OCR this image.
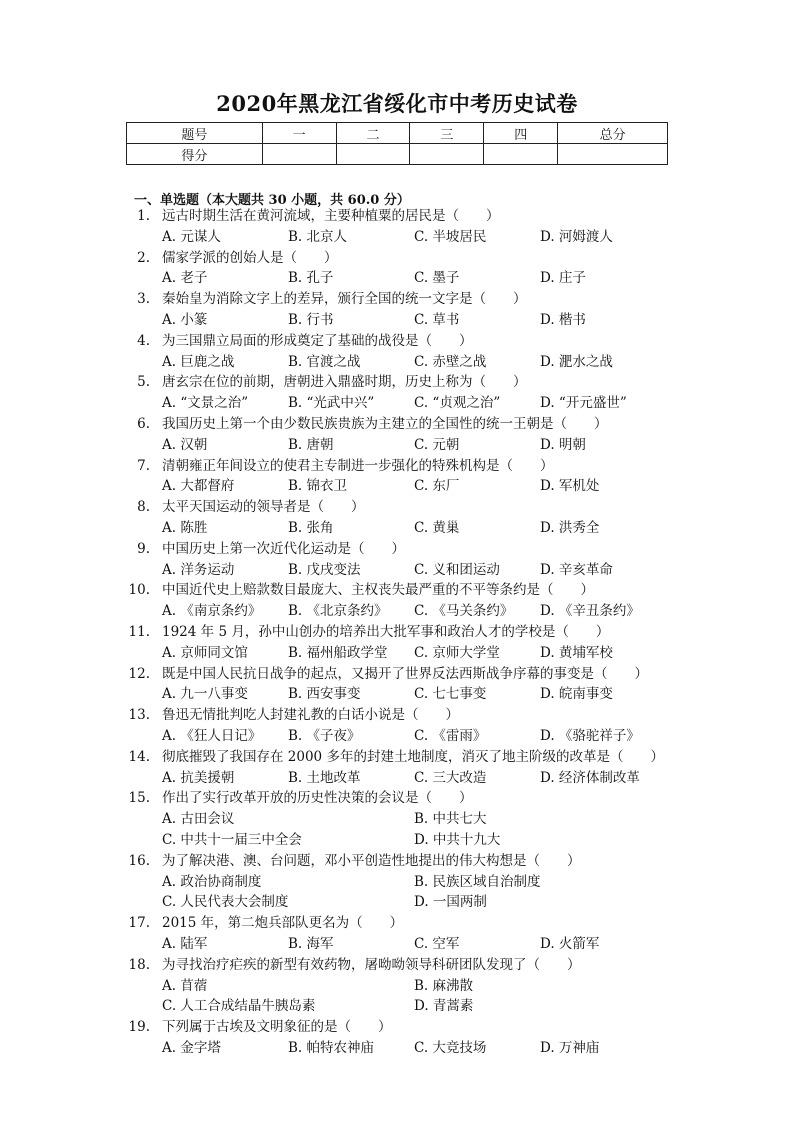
2020年黑龙江省绥化市中考历史试卷
题号	一	二	三	四	总分
得分					
一、单选题（本大题共 30 小题，共 60.0 分）
1. 远古时期生活在黄河流域，主要种植粟的居民是（　　）
A. 元谋人	B. 北京人	C. 半坡居民	D. 河姆渡人
2. 儒家学派的创始人是（　　）
A. 老子	B. 孔子	C. 墨子	D. 庄子
3. 秦始皇为消除文字上的差异，颁行全国的统一文字是（　　）
A. 小篆	B. 行书	C. 草书	D. 楷书
4. 为三国鼎立局面的形成奠定了基础的战役是（　　）
A. 巨鹿之战	B. 官渡之战	C. 赤壁之战	D. 淝水之战
5. 唐玄宗在位的前期，唐朝进入鼎盛时期，历史上称为（　　）
A. “文景之治”	B. “光武中兴”	C. “贞观之治”	D. “开元盛世”
6. 我国历史上第一个由少数民族贵族为主建立的全国性的统一王朝是（　　）
A. 汉朝	B. 唐朝	C. 元朝	D. 明朝
7. 清朝雍正年间设立的使君主专制进一步强化的特殊机构是（　　）
A. 大都督府	B. 锦衣卫	C. 东厂	D. 军机处
8. 太平天国运动的领导者是（　　）
A. 陈胜	B. 张角	C. 黄巢	D. 洪秀全
9. 中国历史上第一次近代化运动是（　　）
A. 洋务运动	B. 戊戌变法	C. 义和团运动	D. 辛亥革命
10. 中国近代史上赔款数目最庞大、主权丧失最严重的不平等条约是（　　）
A. 《南京条约》 B. 《北京条约》 C. 《马关条约》 D. 《辛丑条约》
11. 1924 年 5 月，孙中山创办的培养出大批军事和政治人才的学校是（　　）
A. 京师同文馆	B. 福州船政学堂 C. 京师大学堂	D. 黄埔军校
12. 既是中国人民抗日战争的起点，又揭开了世界反法西斯战争序幕的事变是（　　）
A. 九一八事变	B. 西安事变	C. 七七事变	D. 皖南事变
13. 鲁迅无情批判吃人封建礼教的白话小说是（　　）
A. 《狂人日记》 B. 《子夜》	C. 《雷雨》	D. 《骆驼祥子》
14. 彻底摧毁了我国存在 2000 多年的封建土地制度，消灭了地主阶级的改革是（　　）
A. 抗美援朝	B. 土地改革	C. 三大改造	D. 经济体制改革
15. 作出了实行改革开放的历史性决策的会议是（　　）
A. 古田会议	B. 中共七大
C. 中共十一届三中全会	D. 中共十九大
16. 为了解决港、澳、台问题，邓小平创造性地提出的伟大构想是（　　）
A. 政治协商制度	B. 民族区域自治制度
C. 人民代表大会制度	D. 一国两制
17. 2015 年，第二炮兵部队更名为（　　）
A. 陆军	B. 海军	C. 空军	D. 火箭军
18. 为寻找治疗疟疾的新型有效药物，屠呦呦领导科研团队发现了（　　）
A. 苜蓿	B. 麻沸散
C. 人工合成结晶牛胰岛素	D. 青蒿素
19. 下列属于古埃及文明象征的是（　　）
A. 金字塔	B. 帕特农神庙	C. 大竞技场	D. 万神庙
